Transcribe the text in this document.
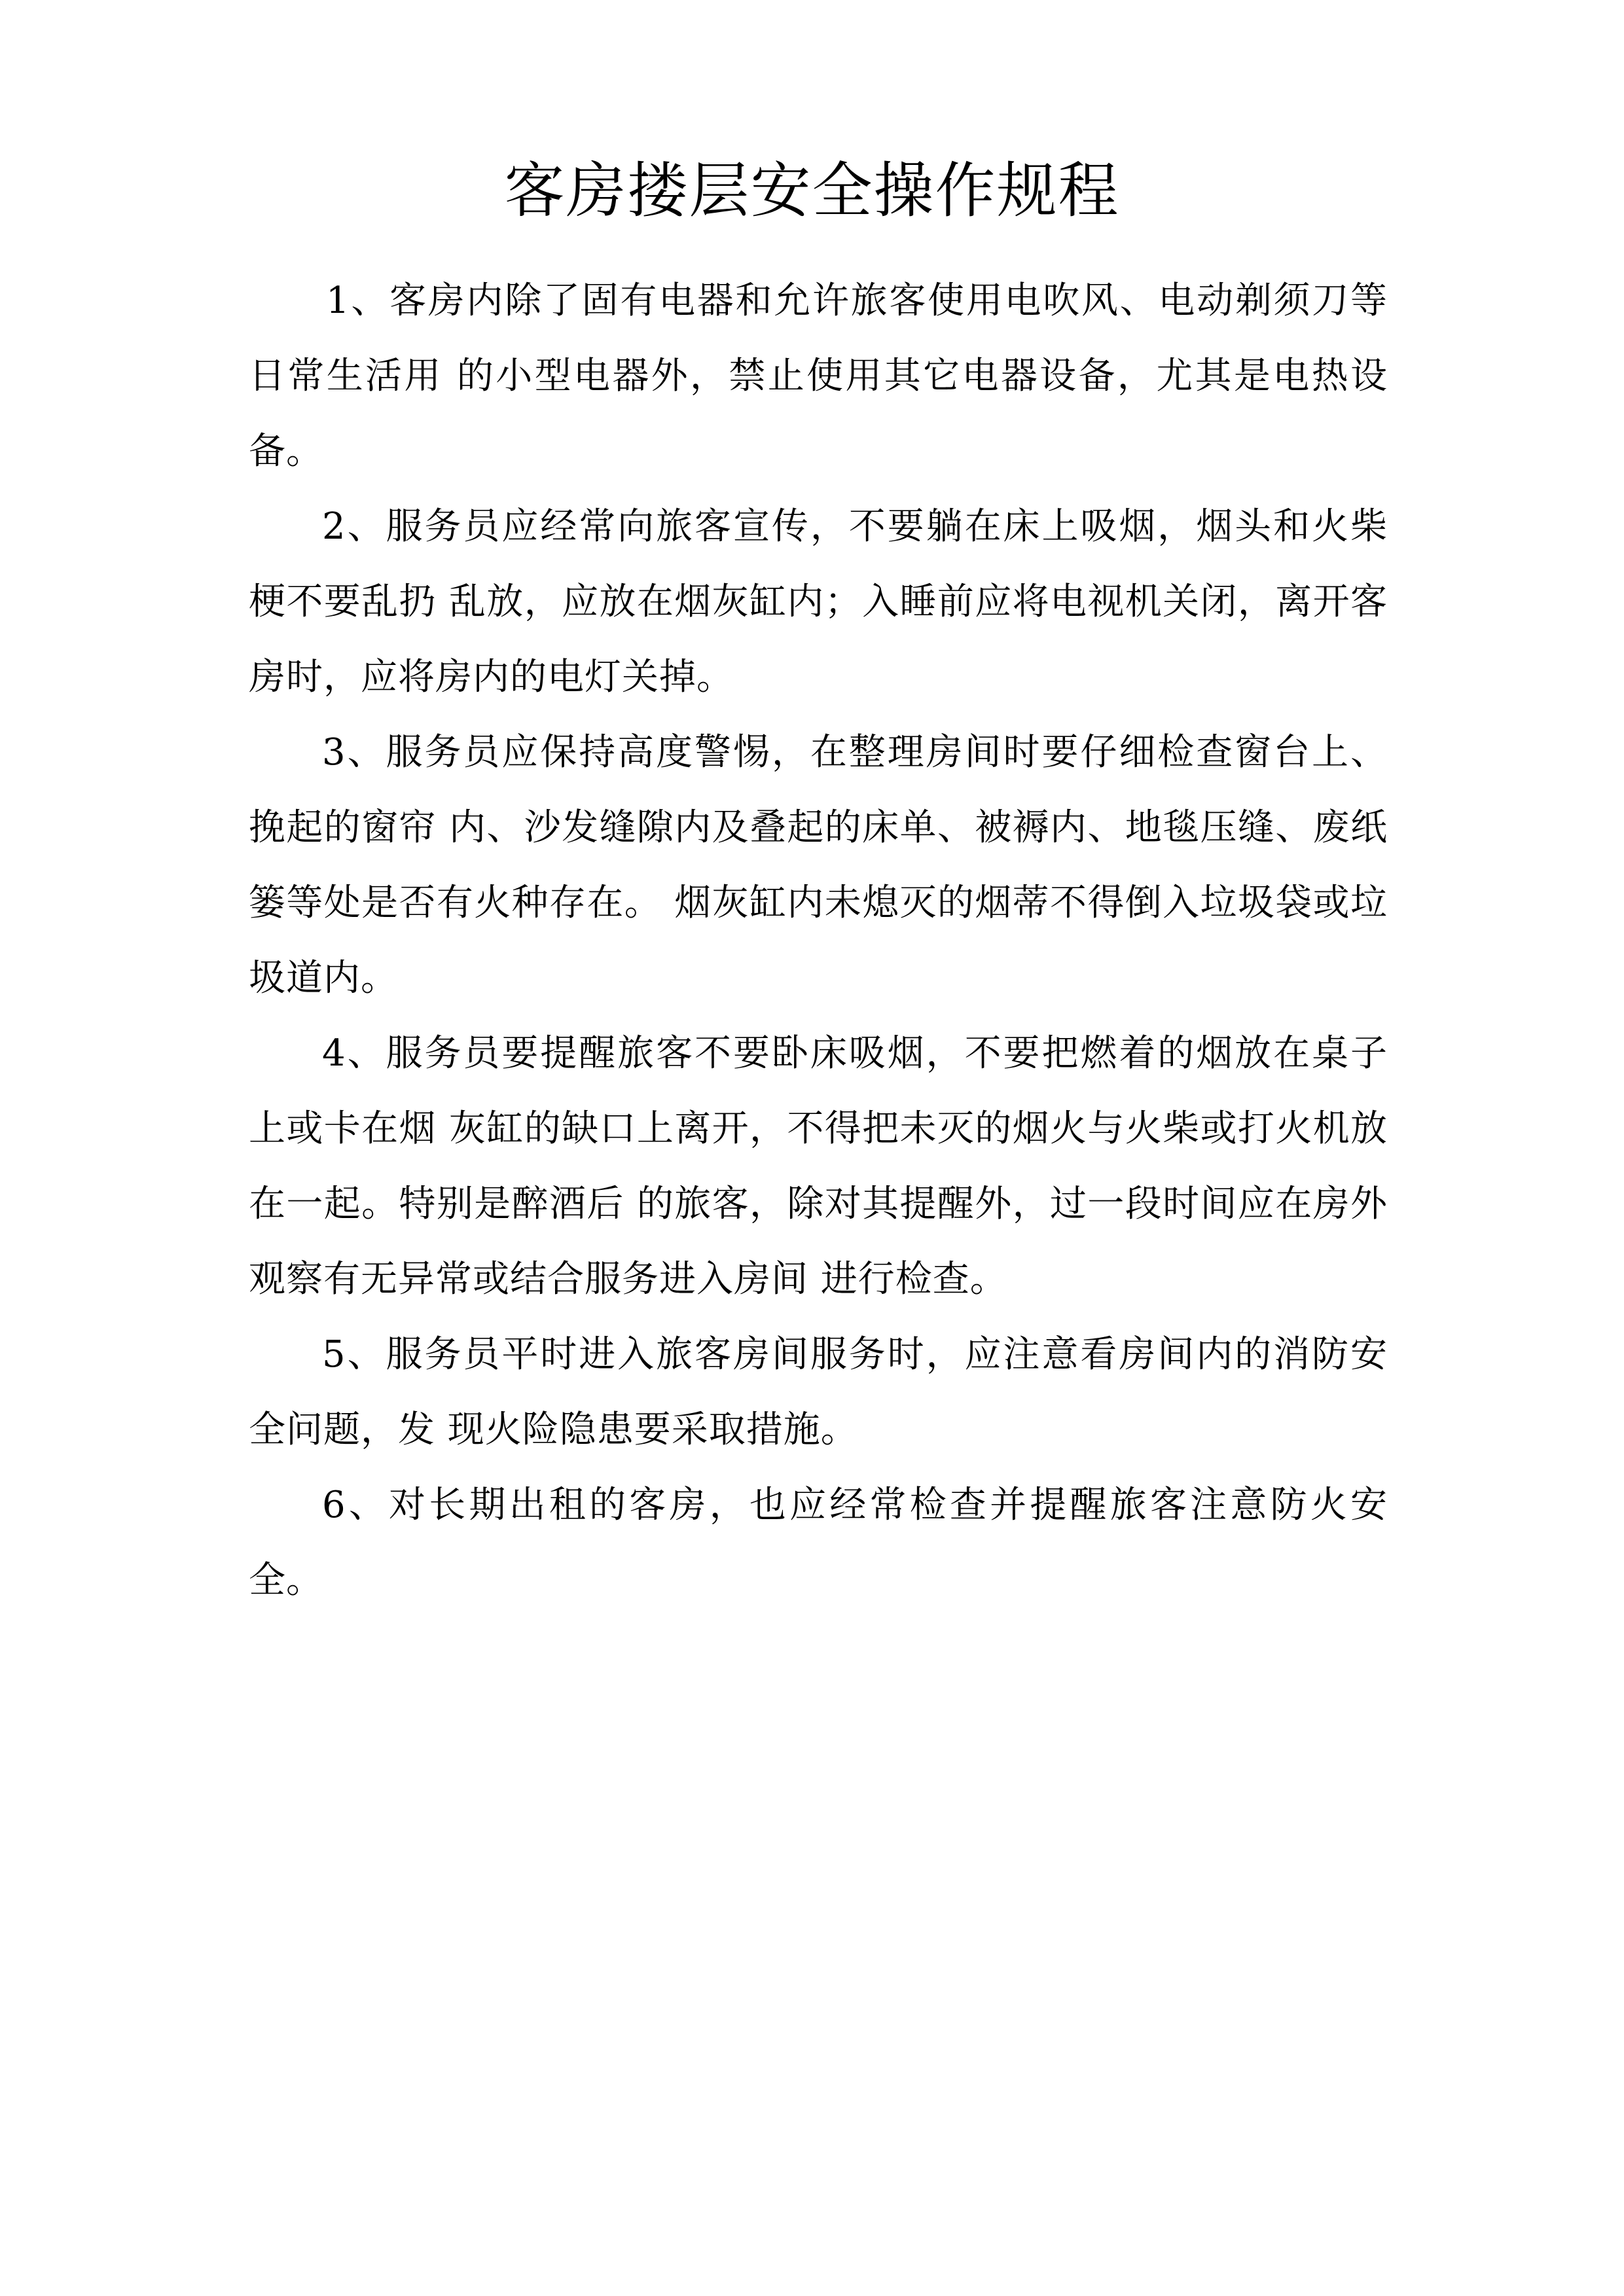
客房搂层安全操作规程

1、客房内除了固有电器和允许旅客使用电吹风、电动剃须刀等日常生活用 的小型电器外，禁止使用其它电器设备，尤其是电热设备。

2、服务员应经常向旅客宣传，不要躺在床上吸烟，烟头和火柴梗不要乱扔 乱放，应放在烟灰缸内；入睡前应将电视机关闭，离开客房时，应将房内的电灯关掉。

3、服务员应保持高度警惕，在整理房间时要仔细检查窗台上、挽起的窗帘 内、沙发缝隙内及叠起的床单、被褥内、地毯压缝、废纸篓等处是否有火种存在。 烟灰缸内未熄灭的烟蒂不得倒入垃圾袋或垃圾道内。

4、服务员要提醒旅客不要卧床吸烟，不要把燃着的烟放在桌子上或卡在烟 灰缸的缺口上离开，不得把未灭的烟火与火柴或打火机放在一起。特别是醉酒后 的旅客，除对其提醒外，过一段时间应在房外观察有无异常或结合服务进入房间 进行检查。

5、服务员平时进入旅客房间服务时，应注意看房间内的消防安全问题，发 现火险隐患要采取措施。

6、对长期出租的客房，也应经常检查并提醒旅客注意防火安全。
